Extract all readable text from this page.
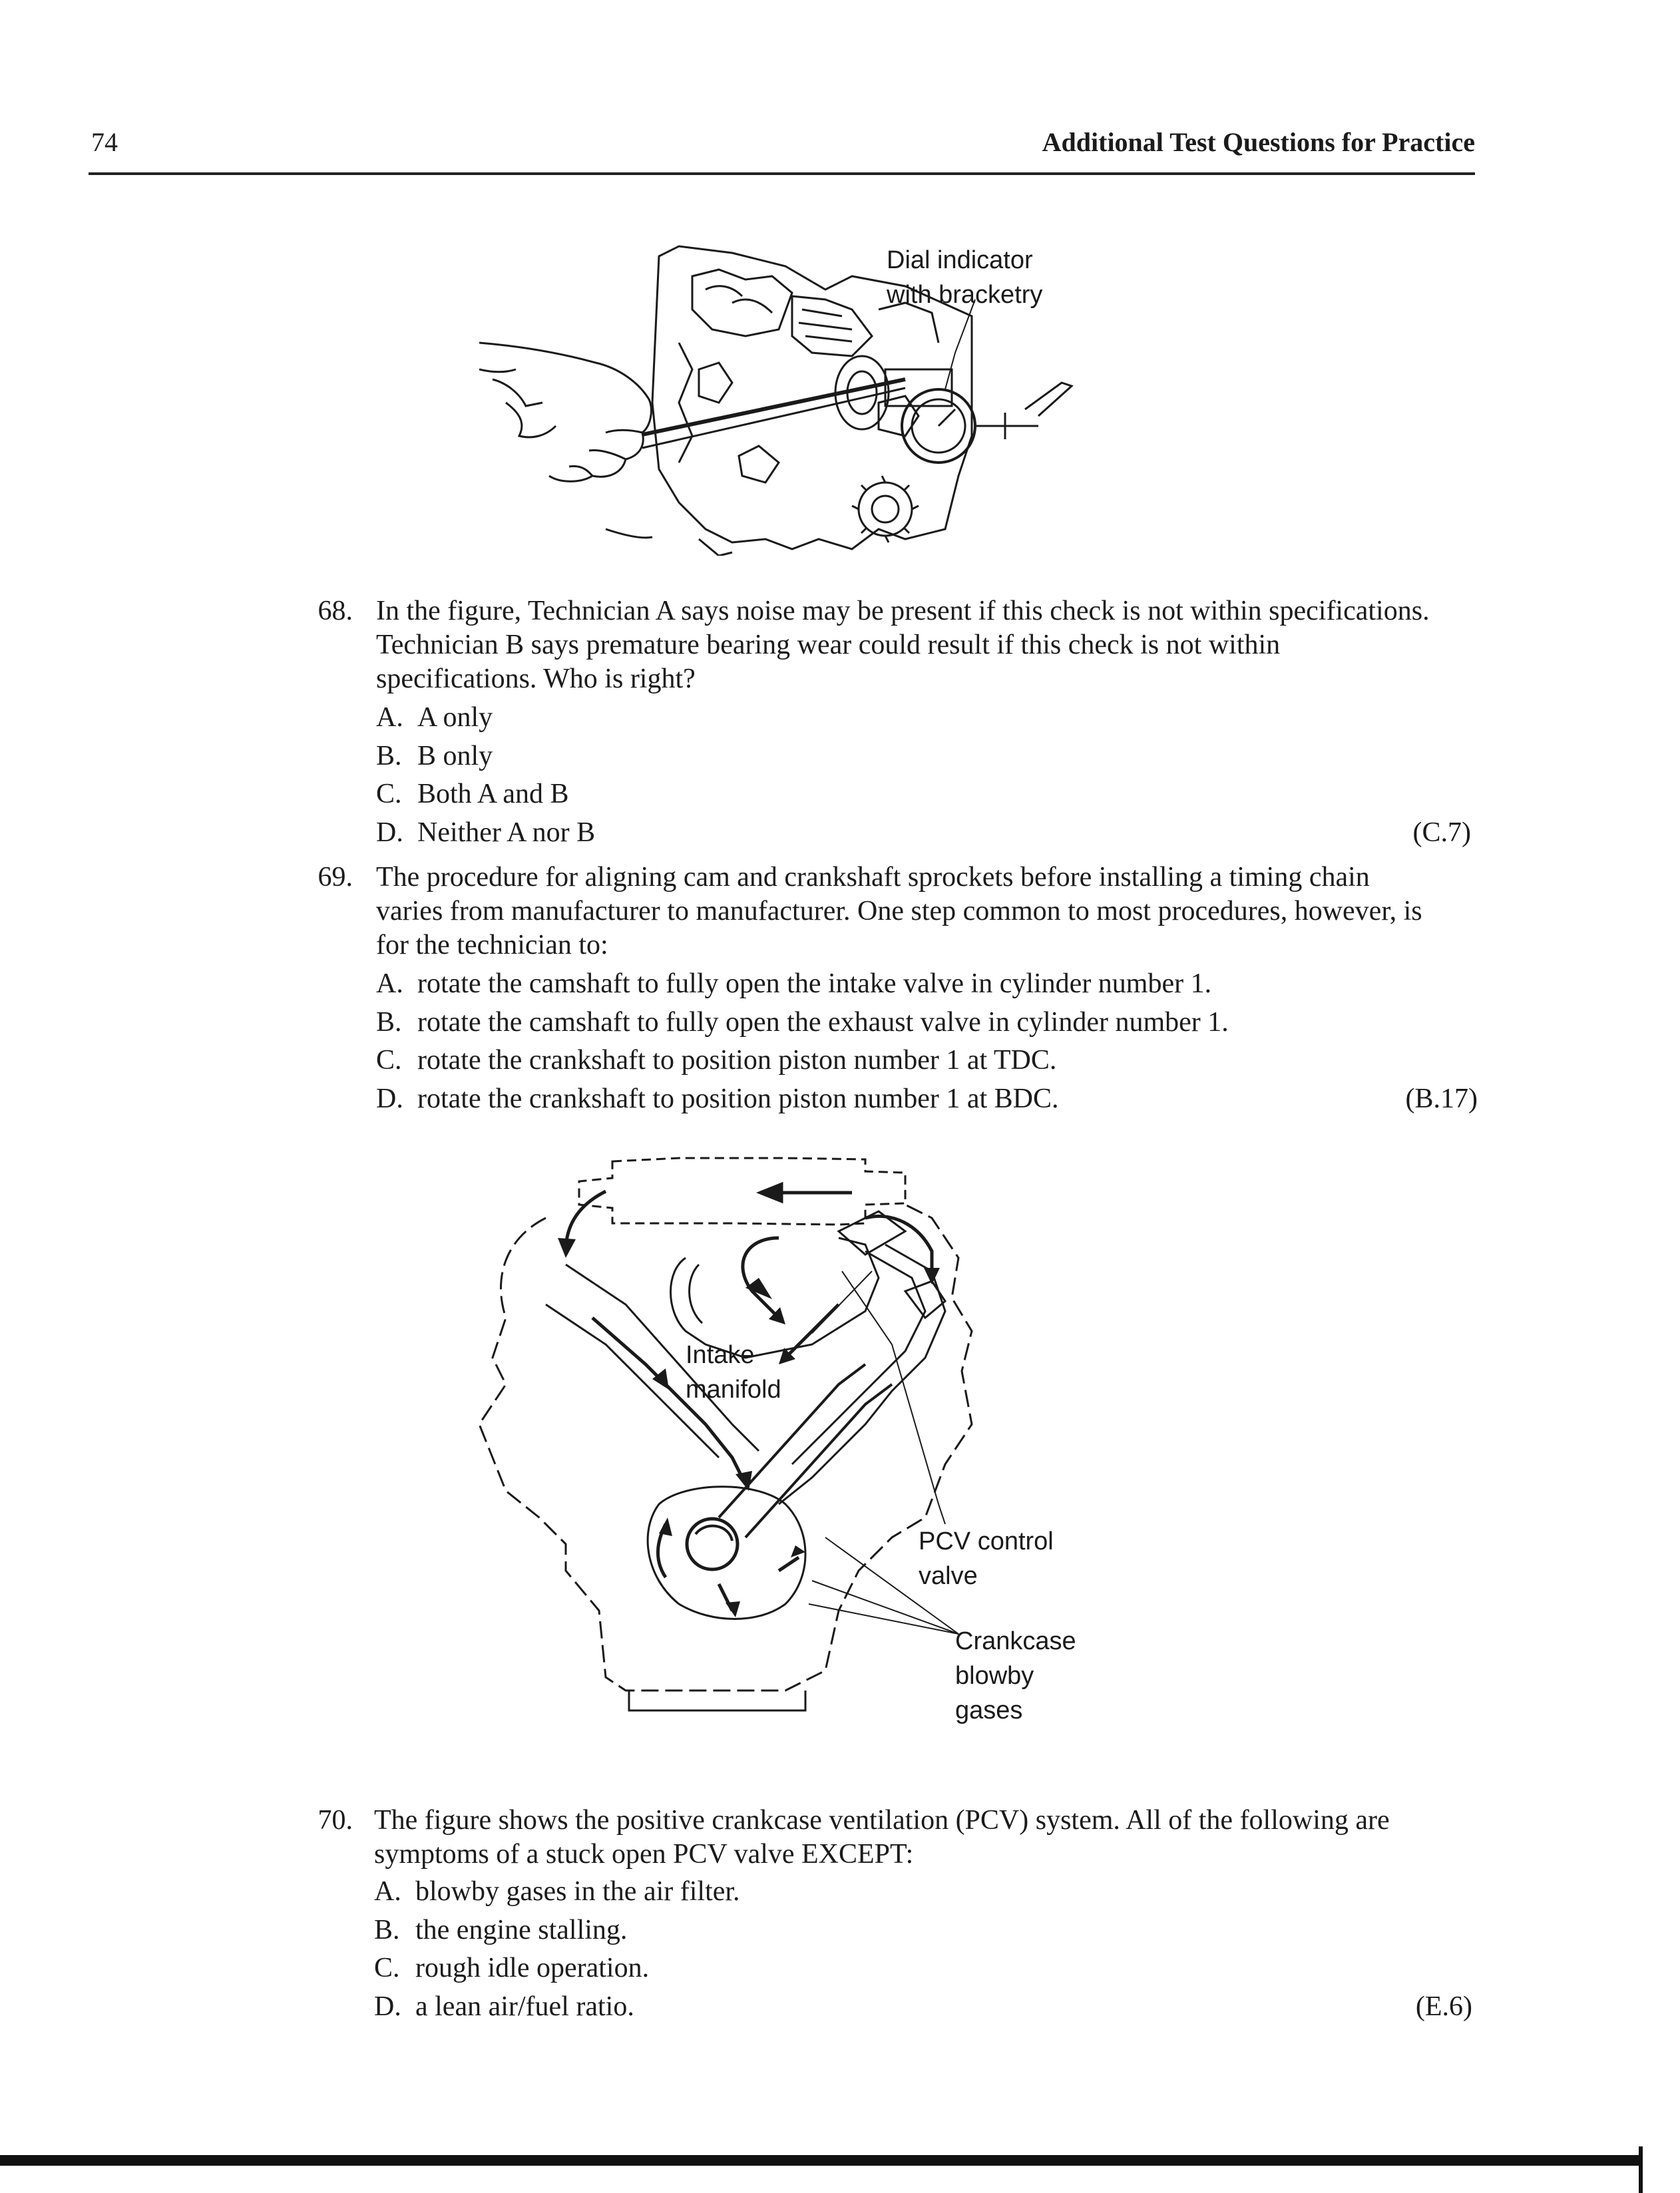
74	Additional Test Questions for Practice
Dial indicator
with bracketry
68. In the figure, Technician A says noise may be present if this check is not within specifications. Technician B says premature bearing wear could result if this check is not within specifications. Who is right?
A. A only
B. B only
C. Both A and B
D. Neither A nor B	(C.7)
69. The procedure for aligning cam and crankshaft sprockets before installing a timing chain varies from manufacturer to manufacturer. One step common to most procedures, however, is for the technician to:
A. rotate the camshaft to fully open the intake valve in cylinder number 1.
B. rotate the camshaft to fully open the exhaust valve in cylinder number 1.
C. rotate the crankshaft to position piston number 1 at TDC.
D. rotate the crankshaft to position piston number 1 at BDC.	(B.17)
Intake
manifold
PCV control
valve
Crankcase
blowby
gases
70. The figure shows the positive crankcase ventilation (PCV) system. All of the following are symptoms of a stuck open PCV valve EXCEPT:
A. blowby gases in the air filter.
B. the engine stalling.
C. rough idle operation.
D. a lean air/fuel ratio.	(E.6)
